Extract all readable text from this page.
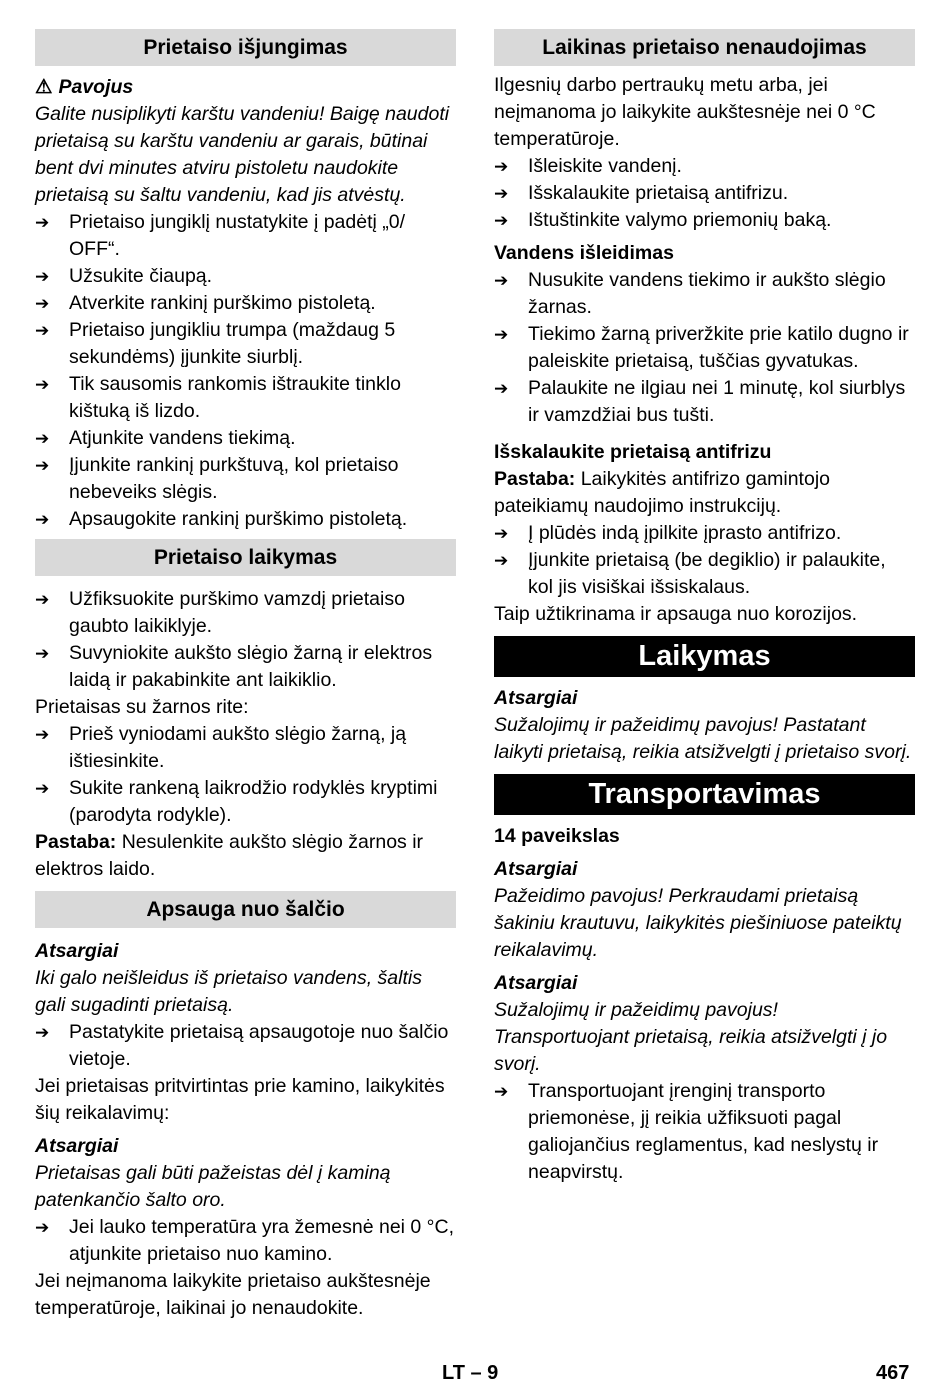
Prietaiso išjungimas
⚠ Pavojus

Galite nusiplikyti karštu vandeniu! Baigę naudoti prietaisą su karštu vandeniu ar garais, būtinai bent dvi minutes atviru pistoletu naudokite prietaisą su šaltu vandeniu, kad jis atvėstų.

➔	Prietaiso jungiklį nustatykite į padėtį „0/ OFF“.
➔	Užsukite čiaupą.
➔	Atverkite rankinį purškimo pistoletą.
➔	Prietaiso jungikliu trumpa (maždaug 5 sekundėms) įjunkite siurblį.
➔	Tik sausomis rankomis ištraukite tinklo kištuką iš lizdo.
➔	Atjunkite vandens tiekimą.
➔	Įjunkite rankinį purkštuvą, kol prietaiso nebeveiks slėgis.
➔	Apsaugokite rankinį purškimo pistoletą.
Prietaiso laikymas
➔	Užfiksuokite purškimo vamzdį prietaiso gaubto laikiklyje.
➔	Suvyniokite aukšto slėgio žarną ir elektros laidą ir pakabinkite ant laikiklio.

Prietaisas su žarnos rite:

➔	Prieš vyniodami aukšto slėgio žarną, ją ištiesinkite.
➔	Sukite rankeną laikrodžio rodyklės kryptimi (parodyta rodykle).

Pastaba: Nesulenkite aukšto slėgio žarnos ir elektros laido.

Apsauga nuo šalčio
Atsargiai

Iki galo neišleidus iš prietaiso vandens, šaltis gali sugadinti prietaisą.

➔	Pastatykite prietaisą apsaugotoje nuo šalčio vietoje.

Jei prietaisas pritvirtintas prie kamino, laikykitės šių reikalavimų:

Atsargiai

Prietaisas gali būti pažeistas dėl į kaminą patenkančio šalto oro.

➔	Jei lauko temperatūra yra žemesnė nei 0 °C, atjunkite prietaiso nuo kamino.

Jei neįmanoma laikykite prietaiso aukštesnėje temperatūroje, laikinai jo nenaudokite.

Laikinas prietaiso nenaudojimas

Ilgesnių darbo pertraukų metu arba, jei neįmanoma jo laikykite aukštesnėje nei 0 °C temperatūroje.

➔	Išleiskite vandenį.
➔	Išskalaukite prietaisą antifrizu.
➔	Ištuštinkite valymo priemonių baką.
Vandens išleidimas
➔	Nusukite vandens tiekimo ir aukšto slėgio žarnas.
➔	Tiekimo žarną priveržkite prie katilo dugno ir paleiskite prietaisą, tuščias gyvatukas.
➔	Palaukite ne ilgiau nei 1 minutę, kol siurblys ir vamzdžiai bus tušti.
Išskalaukite prietaisą antifrizu

Pastaba: Laikykitės antifrizo gamintojo pateikiamų naudojimo instrukcijų.

➔	Į plūdės indą įpilkite įprasto antifrizo.
➔	Įjunkite prietaisą (be degiklio) ir palaukite, kol jis visiškai išsiskalaus.

Taip užtikrinama ir apsauga nuo korozijos.

Laikymas
Atsargiai

Sužalojimų ir pažeidimų pavojus! Pastatant laikyti prietaisą, reikia atsižvelgti į prietaiso svorį.

Transportavimas
14 paveikslas
Atsargiai

Pažeidimo pavojus! Perkraudami prietaisą šakiniu krautuvu, laikykitės piešiniuose pateiktų reikalavimų.

Atsargiai

Sužalojimų ir pažeidimų pavojus! Transportuojant prietaisą, reikia atsižvelgti į jo svorį.

➔	Transportuojant įrenginį transporto priemonėse, jį reikia užfiksuoti pagal galiojančius reglamentus, kad neslystų ir neapvirstų.
LT – 9	467
